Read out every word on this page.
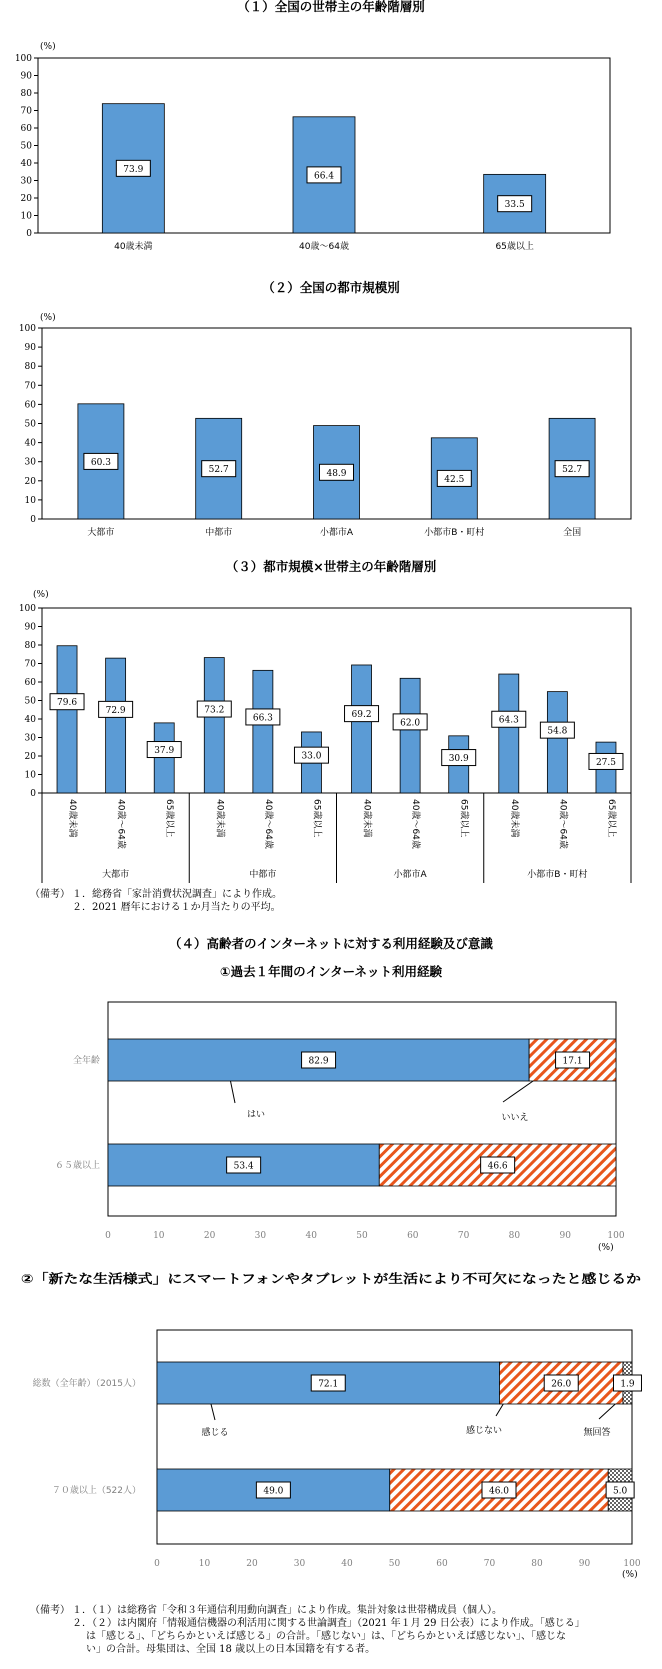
（１）全国の世帯主の年齢階層別
（２）全国の都市規模別
（３）都市規模×世帯主の年齢階層別
（４）高齢者のインターネットに対する利用経験及び意識
①過去１年間のインターネット利用経験
②「新たな生活様式」にスマートフォンやタブレットが生活により不可欠になったと感じるか
(%)
(%)
(%)
(%)
(%)
はい	いいえ
感じる	感じない	無回答
0
10
20
30
40
50
60
70
80
90
100
73.9
40歳未満
66.4
40歳～64歳
33.5
65歳以上
0
10
20
30
40
50
60
70
80
90
100
60.3
大都市
52.7
中都市
48.9
小都市A
42.5
小都市B・町村
52.7
全国
0
10
20
30
40
50
60
70
80
90
100
79.6
40歳未満
72.9
40歳～64歳
37.9
65歳以上
大都市
73.2
40歳未満
66.3
40歳～64歳
33.0
65歳以上
中都市
69.2
40歳未満
62.0
40歳～64歳
30.9
65歳以上
小都市A
64.3
40歳未満
54.8
40歳～64歳
27.5
65歳以上
小都市B・町村
0	10	20	30	40	50	60	70	80	90	100
82.9	17.1
全年齢
53.4	46.6
６５歳以上
0	10	20	30	40	50	60	70	80	90	100
72.1	26.0	1.9
総数（全年齢）（2015人）
49.0	46.0	5.0
７０歳以上（522人）
（備考） １．総務省「家計消費状況調査」により作成。
２．2021 暦年における１か月当たりの平均。
（備考） １．（１）は総務省「令和３年通信利用動向調査」により作成。集計対象は世帯構成員（個人）。
２．（２）は内閣府「情報通信機器の利活用に関する世論調査」（2021 年１月 29 日公表）により作成。「感じる」
は「感じる」、「どちらかといえば感じる」の合計。「感じない」は、「どちらかといえば感じない」、「感じな
い」の合計。母集団は、全国 18 歳以上の日本国籍を有する者。
